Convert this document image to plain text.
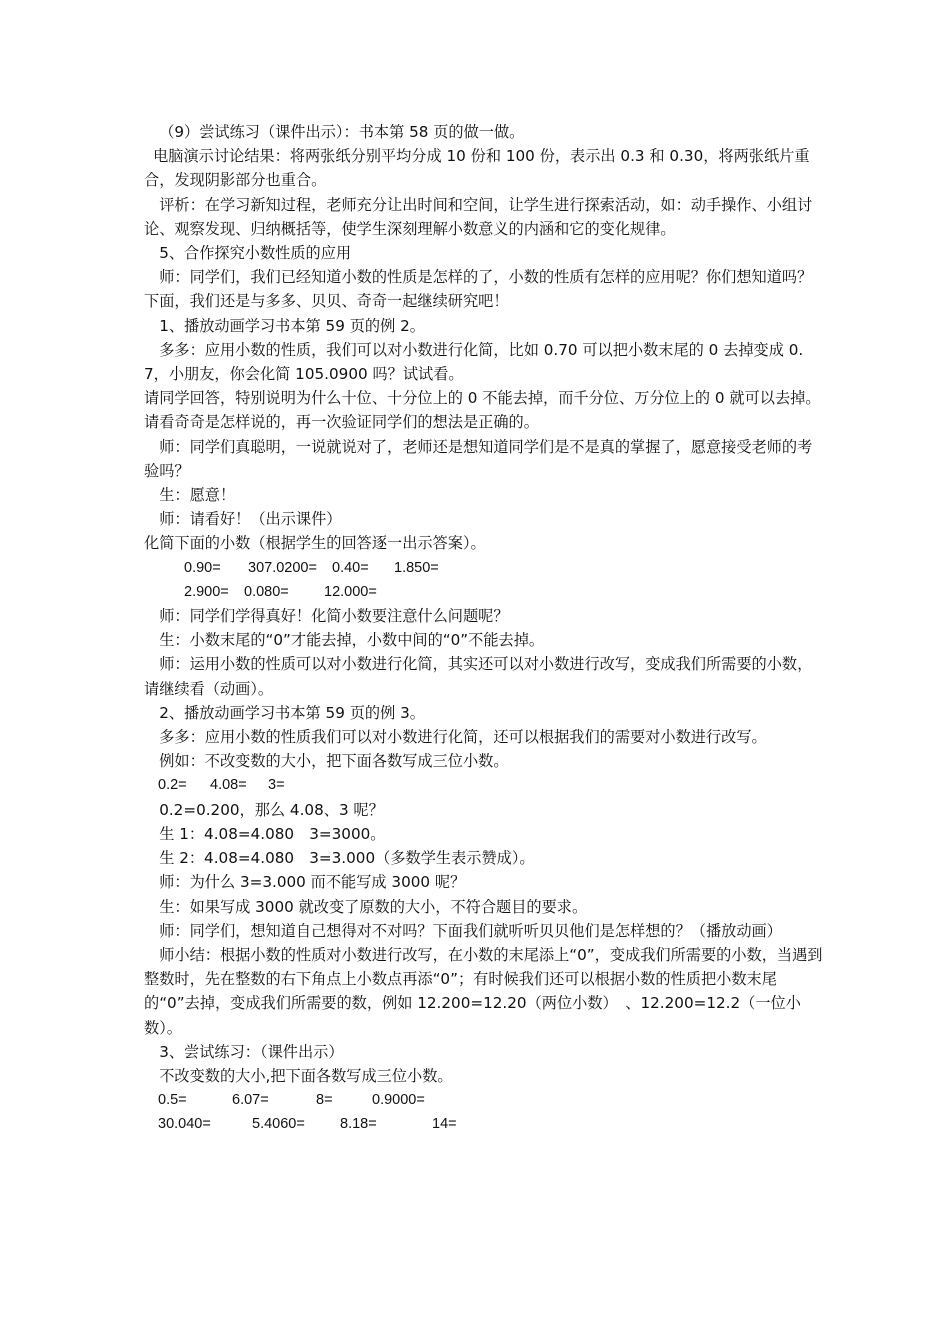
（9）尝试练习（课件出示）：书本第 58 页的做一做。

电脑演示讨论结果：将两张纸分别平均分成 10 份和 100 份，表示出 0.3 和 0.30，将两张纸片重合，发现阴影部分也重合。

评析：在学习新知过程，老师充分让出时间和空间，让学生进行探索活动，如：动手操作、小组讨论、观察发现、归纳概括等，使学生深刻理解小数意义的内涵和它的变化规律。

5、合作探究小数性质的应用

师：同学们，我们已经知道小数的性质是怎样的了，小数的性质有怎样的应用呢？你们想知道吗？下面，我们还是与多多、贝贝、奇奇一起继续研究吧！

1、播放动画学习书本第 59 页的例 2。

多多：应用小数的性质，我们可以对小数进行化简，比如 0.70 可以把小数末尾的 0 去掉变成 0.7，小朋友，你会化简 105.0900 吗？试试看。

请同学回答，特别说明为什么十位、十分位上的 0 不能去掉，而千分位、万分位上的 0 就可以去掉。

请看奇奇是怎样说的，再一次验证同学们的想法是正确的。

师：同学们真聪明，一说就说对了，老师还是想知道同学们是不是真的掌握了，愿意接受老师的考验吗？

生：愿意！

师：请看好！（出示课件）

化简下面的小数（根据学生的回答逐一出示答案）。

0.90=	307.0200=	0.40=	1.850=
2.900=	0.080=	12.000=

师：同学们学得真好！化简小数要注意什么问题呢？

生：小数末尾的“0”才能去掉，小数中间的“0”不能去掉。

师：运用小数的性质可以对小数进行化简，其实还可以对小数进行改写，变成我们所需要的小数，请继续看（动画）。

2、播放动画学习书本第 59 页的例 3。

多多：应用小数的性质我们可以对小数进行化简，还可以根据我们的需要对小数进行改写。

例如：不改变数的大小，把下面各数写成三位小数。

0.2=	4.08=	3=

0.2=0.200，那么 4.08、3 呢？

生 1：4.08=4.080　3=3000。

生 2：4.08=4.080　3=3.000（多数学生表示赞成）。

师：为什么 3=3.000 而不能写成 3000 呢？

生：如果写成 3000 就改变了原数的大小，不符合题目的要求。

师：同学们，想知道自己想得对不对吗？下面我们就听听贝贝他们是怎样想的？（播放动画）

师小结：根据小数的性质对小数进行改写，在小数的末尾添上“0”，变成我们所需要的小数，当遇到整数时，先在整数的右下角点上小数点再添“0”；有时候我们还可以根据小数的性质把小数末尾的“0”去掉，变成我们所需要的数，例如 12.200=12.20（两位小数）　、12.200=12.2（一位小数）。

3、尝试练习：（课件出示）

不改变数的大小,把下面各数写成三位小数。

0.5=	6.07=	8=	0.9000=
30.040=	5.4060=	8.18=	14=
